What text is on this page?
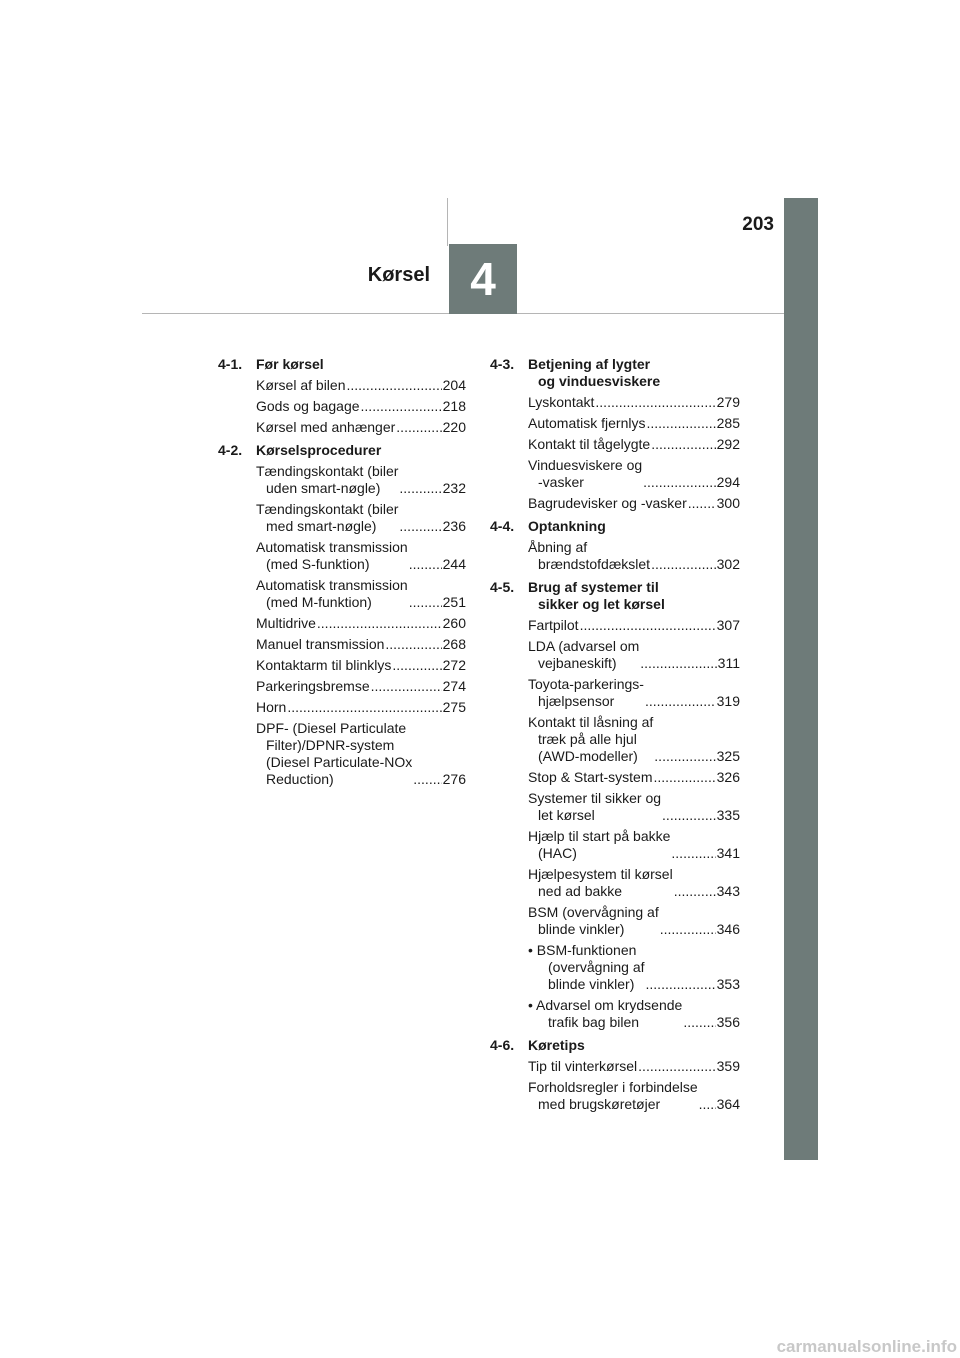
203
4
Kørsel
4-1. Før kørsel
Kørsel af bilen .....	204
Gods og bagage .....	218
Kørsel med anhænger .....	220
4-2. Kørselsprocedurer
Tændingskontakt (biler
uden smart-nøgle) .....	232
Tændingskontakt (biler
med smart-nøgle) .....	236
Automatisk transmission
(med S-funktion) .....	244
Automatisk transmission
(med M-funktion) .....	251
Multidrive .....	260
Manuel transmission .....	268
Kontaktarm til blinklys .....	272
Parkeringsbremse .....	274
Horn .....	275
DPF- (Diesel Particulate
Filter)/DPNR-system
(Diesel Particulate-NOx
Reduction) .....	276
4-3. Betjening af lygter
og vinduesviskere
Lyskontakt .....	279
Automatisk fjernlys .....	285
Kontakt til tågelygte .....	292
Vinduesviskere og
-vasker .....	294
Bagrudevisker og -vasker ..... 300
4-4. Optankning
Åbning af
brændstofdækslet .....	302
4-5. Brug af systemer til
sikker og let kørsel
Fartpilot .....	307
LDA (advarsel om
vejbaneskift) .....	311
Toyota-parkerings-
hjælpsensor .....	319
Kontakt til låsning af
træk på alle hjul
(AWD-modeller) .....	325
Stop & Start-system .....	326
Systemer til sikker og
let kørsel .....	335
Hjælp til start på bakke
(HAC) .....	341
Hjælpesystem til kørsel
ned ad bakke .....	343
BSM (overvågning af
blinde vinkler) .....	346
• BSM-funktionen
(overvågning af
blinde vinkler) .....	353
• Advarsel om krydsende
trafik bag bilen .....	356
4-6. Køretips
Tip til vinterkørsel .....	359
Forholdsregler i forbindelse
med brugskøretøjer .....	364
carmanualsonline.info
